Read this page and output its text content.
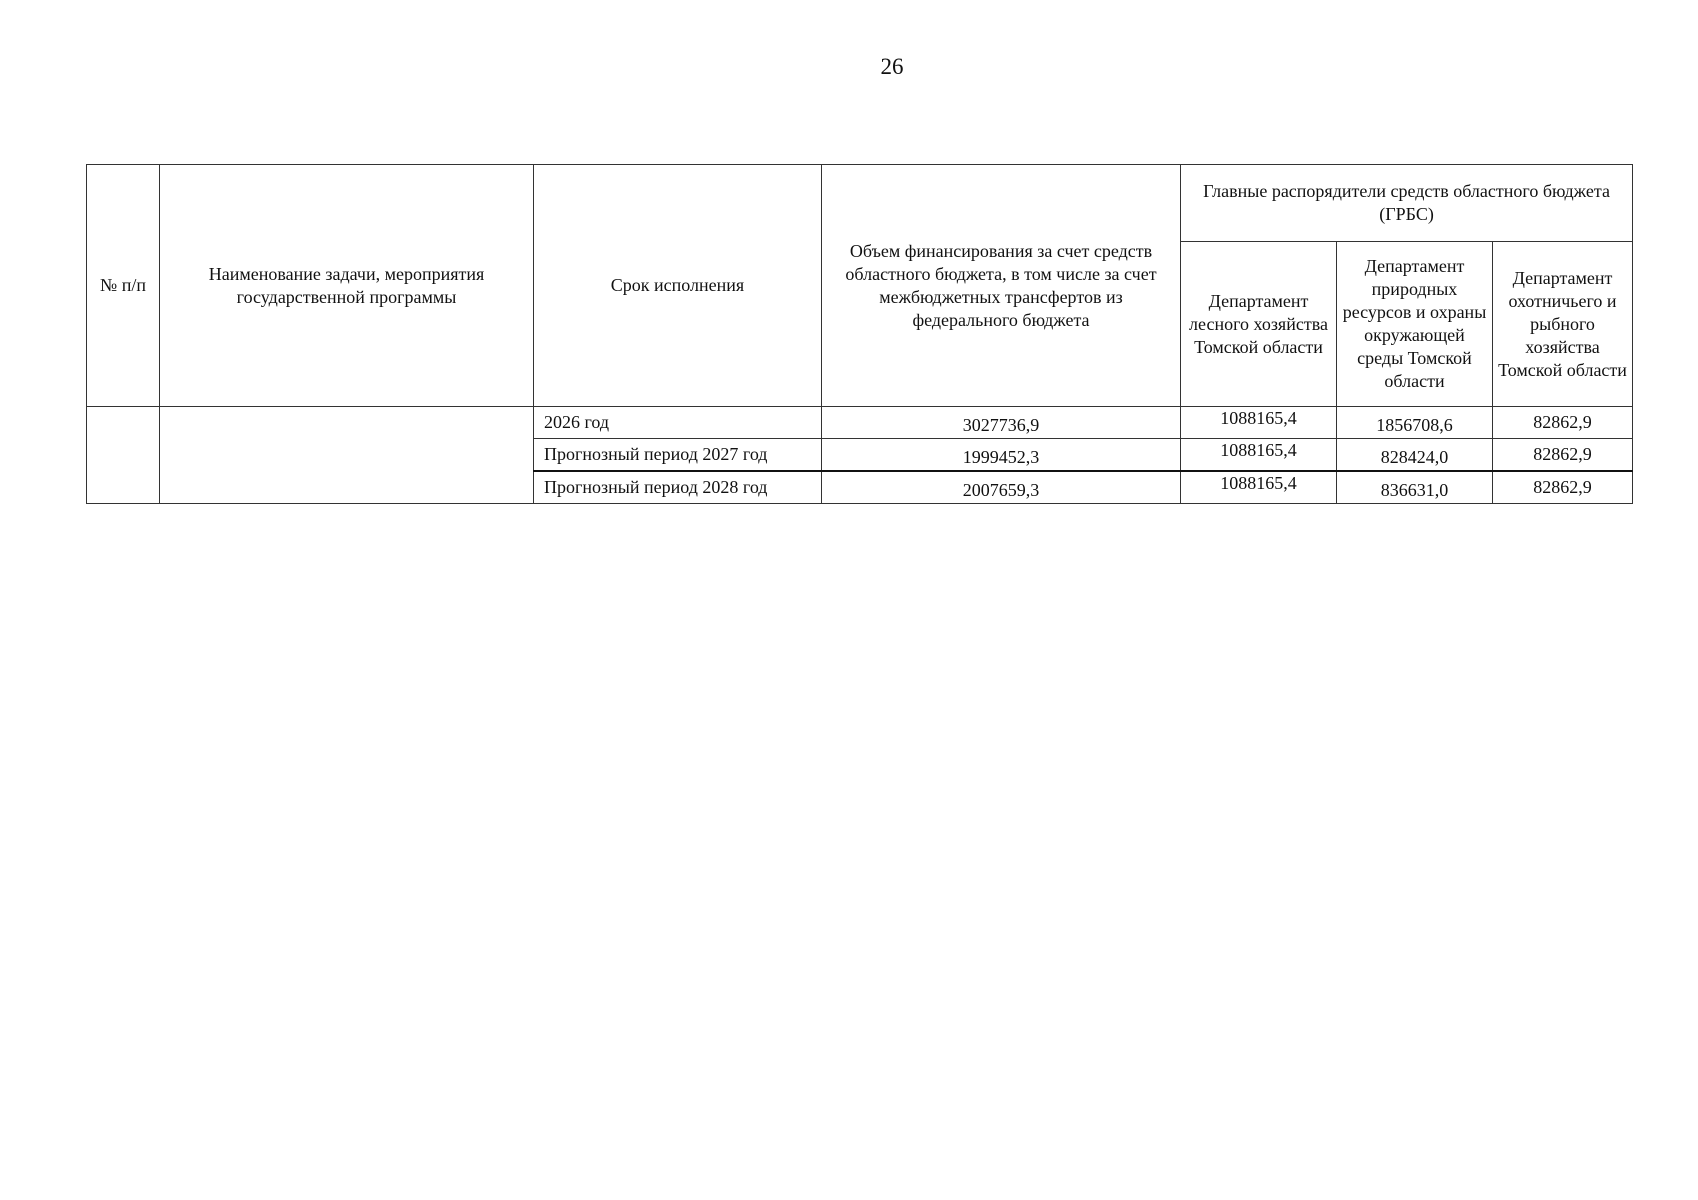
26
№ п/п	Наименование задачи, мероприятия государственной программы	Срок исполнения	Объем финансирования за счет средств областного бюджета, в том числе за счет межбюджетных трансфертов из федерального бюджета	Главные распорядители средств областного бюджета (ГРБС)		
				Департамент лесного хозяйства Томской области	Департамент природных ресурсов и охраны окружающей среды Томской области	Департамент охотничьего и рыбного хозяйства Томской области
		2026 год	3027736,9	1088165,4	1856708,6	82862,9
		Прогнозный период 2027 год	1999452,3	1088165,4	828424,0	82862,9
		Прогнозный период 2028 год	2007659,3	1088165,4	836631,0	82862,9
